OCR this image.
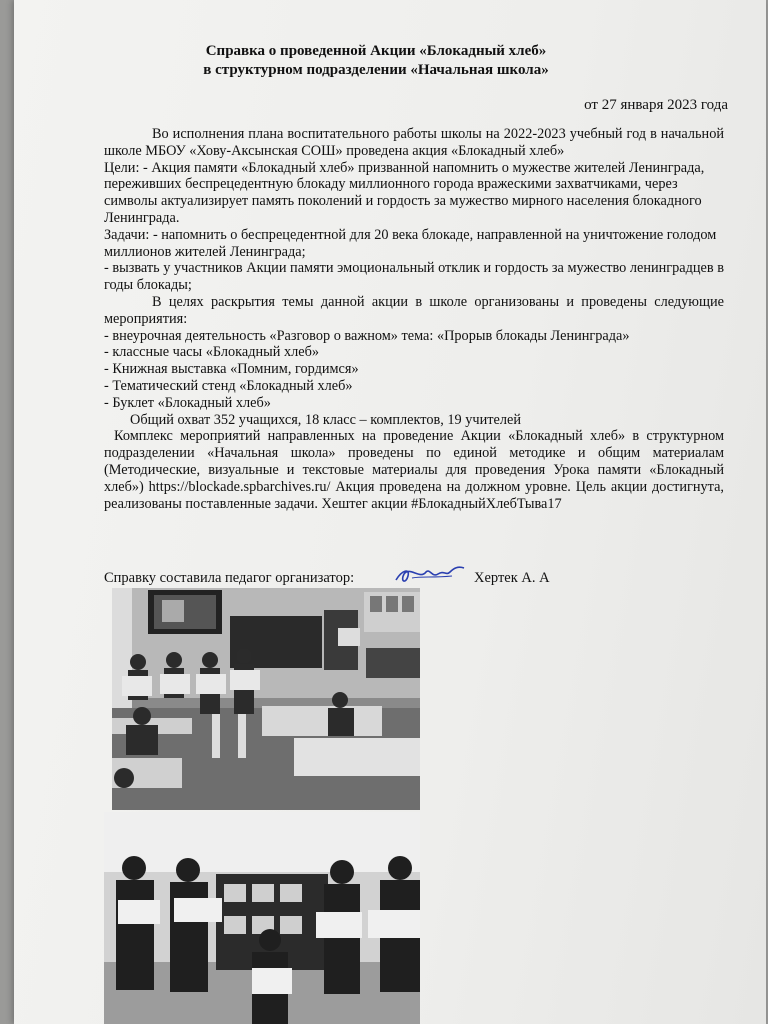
Справка о проведенной Акции «Блокадный хлеб»
в структурном подразделении «Начальная школа»
от 27 января 2023 года

Во исполнения плана воспитательного работы школы на 2022-2023 учебный год в начальной школе МБОУ «Хову-Аксынская СОШ» проведена акция «Блокадный хлеб»

Цели: - Акция памяти «Блокадный хлеб» призванной напомнить о мужестве жителей Ленинграда, переживших беспрецедентную блокаду миллионного города вражескими захватчиками, через символы актуализирует память поколений и гордость за мужество мирного населения блокадного Ленинграда.

Задачи: - напомнить о беспрецедентной для 20 века блокаде, направленной на уничтожение голодом миллионов жителей Ленинграда;

- вызвать у участников Акции памяти эмоциональный отклик и гордость за мужество ленинградцев в годы блокады;

В целях раскрытия темы данной акции в школе организованы и проведены следующие мероприятия:

- внеурочная деятельность «Разговор о важном» тема: «Прорыв блокады Ленинграда»

- классные часы «Блокадный хлеб»

- Книжная выставка «Помним, гордимся»

- Тематический стенд «Блокадный хлеб»

- Буклет «Блокадный хлеб»

Общий охват 352 учащихся, 18 класс – комплектов, 19 учителей

Комплекс мероприятий направленных на проведение Акции «Блокадный хлеб» в структурном подразделении «Начальная школа» проведены по единой методике и общим материалам (Методические, визуальные и текстовые материалы для проведения Урока памяти «Блокадный хлеб») https://blockade.spbarchives.ru/ Акция проведена на должном уровне. Цель акции достигнута, реализованы поставленные задачи. Хештег акции #БлокадныйХлебТыва17

Справку составила педагог организатор:	Хертек А. А
